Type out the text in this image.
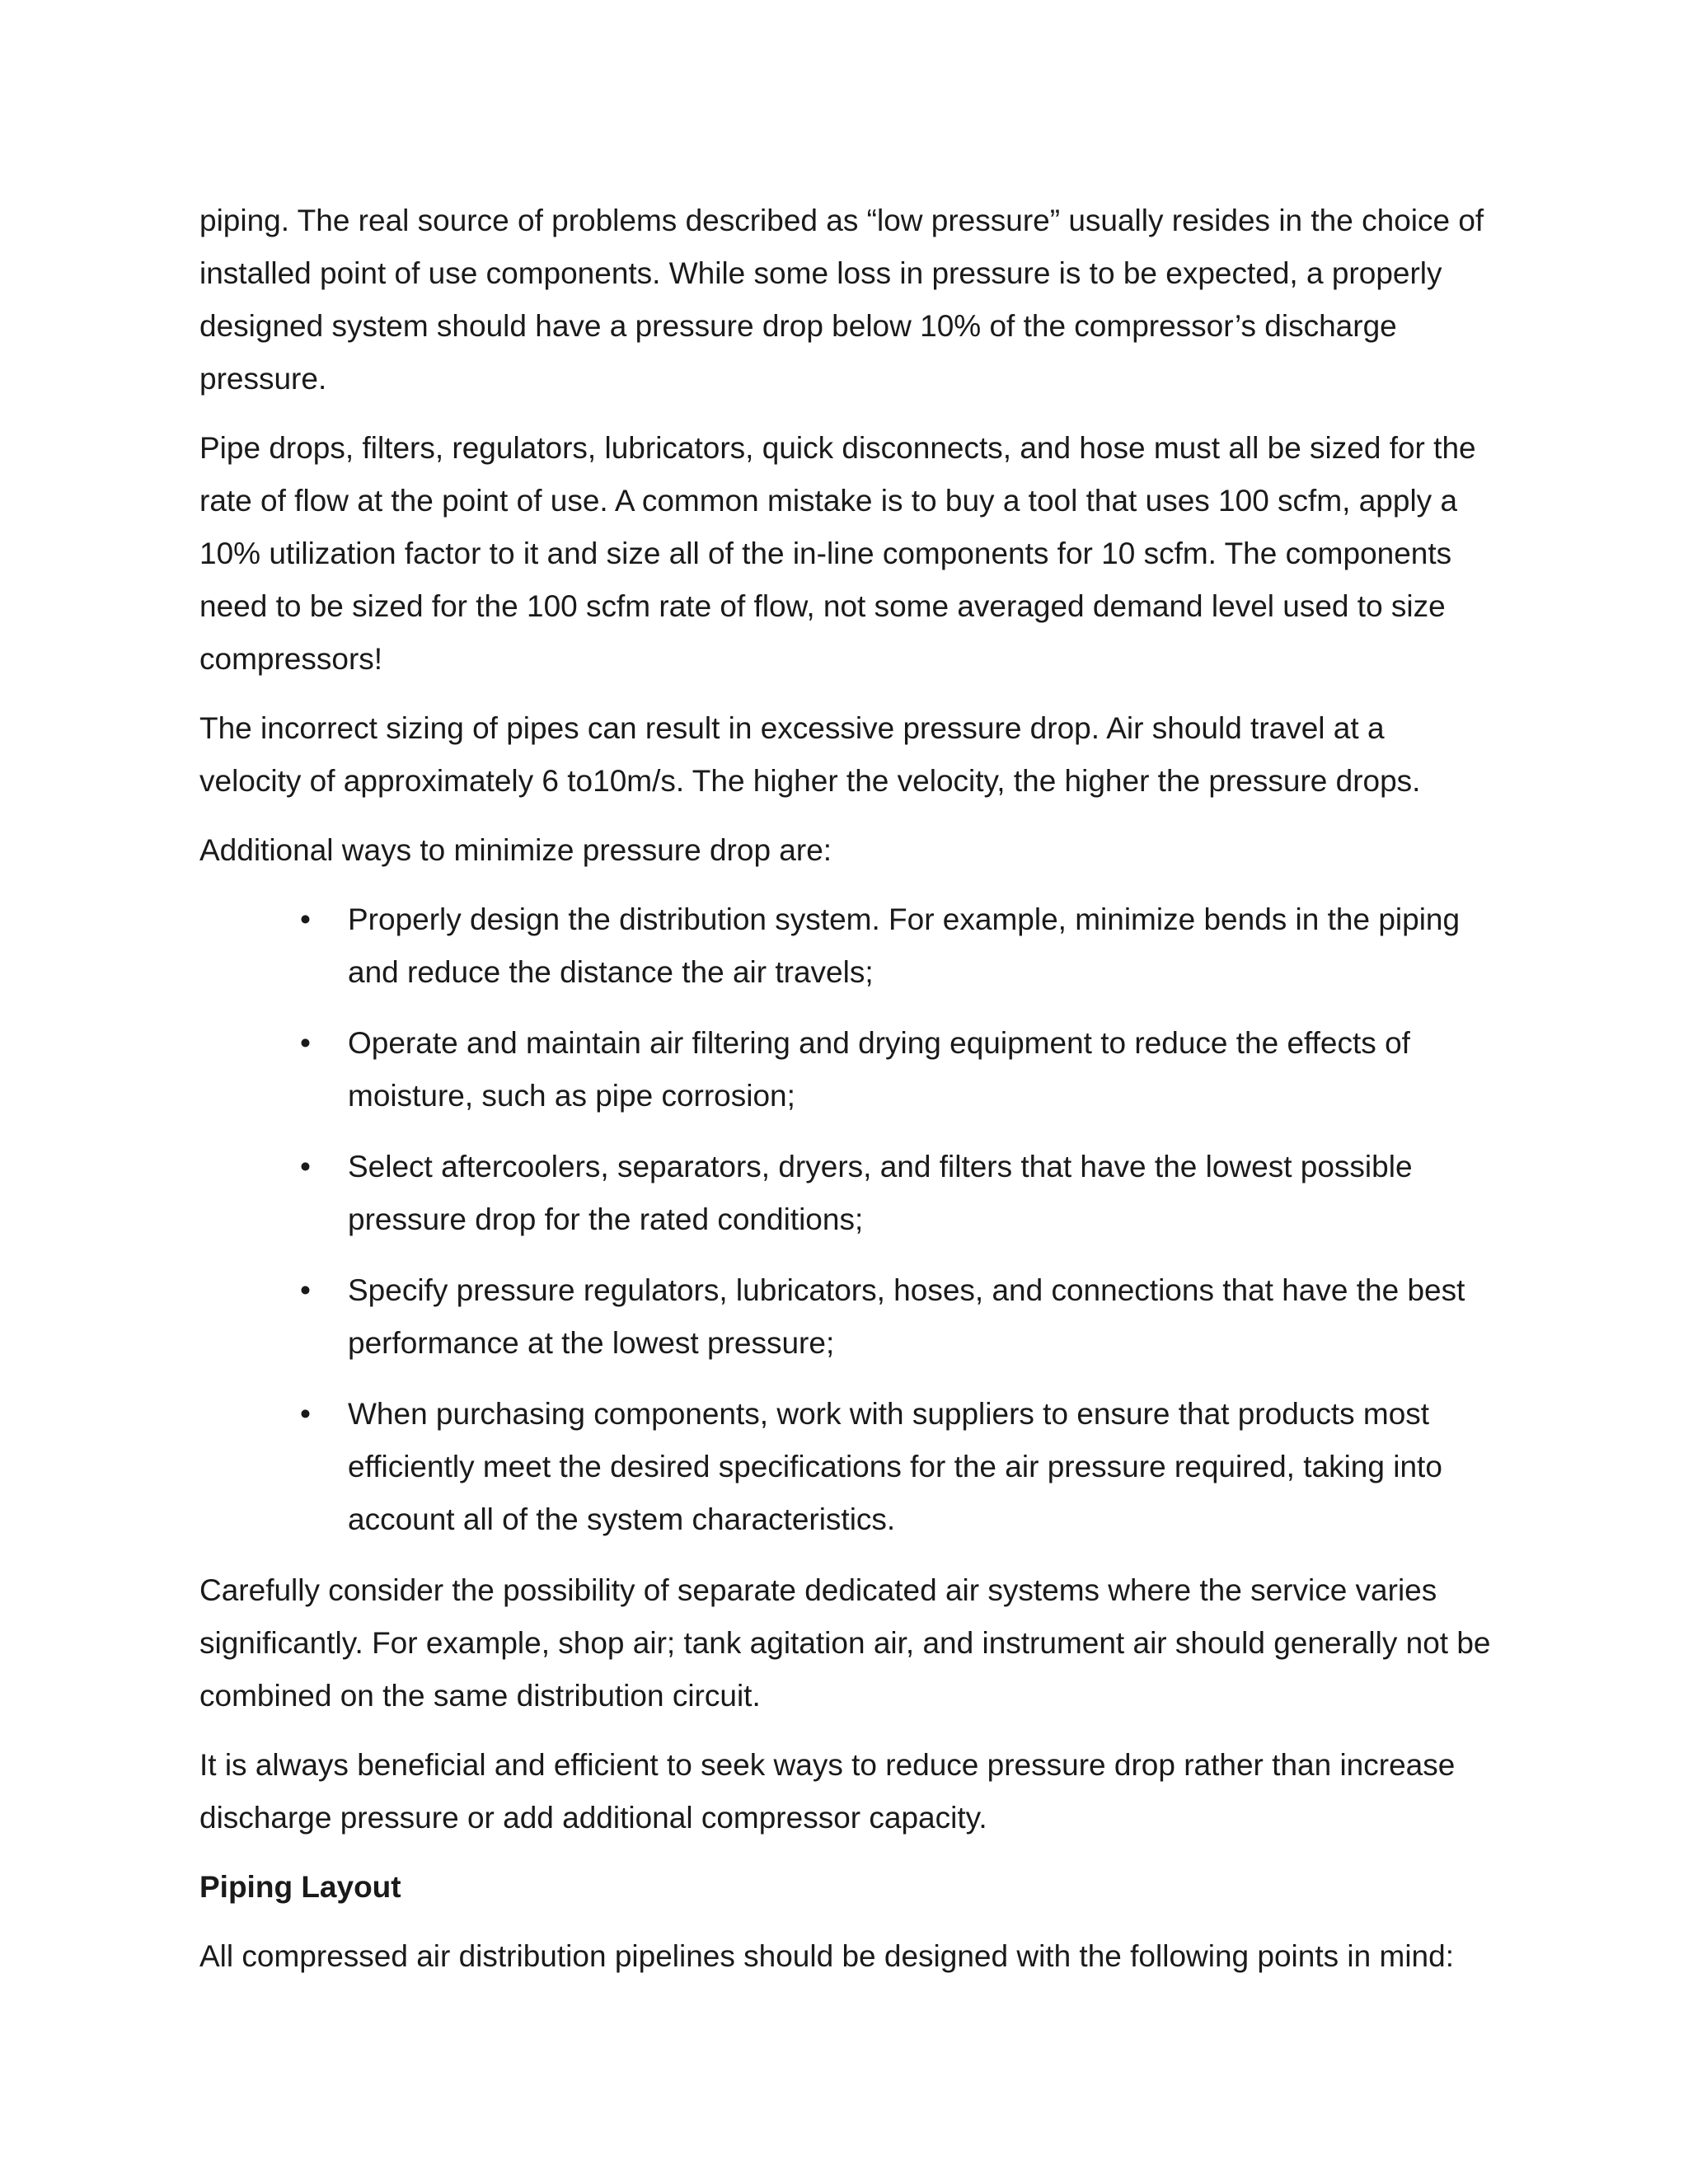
piping. The real source of problems described as “low pressure” usually resides in the choice of installed point of use components. While some loss in pressure is to be expected, a properly designed system should have a pressure drop below 10% of the compressor’s discharge pressure.

Pipe drops, filters, regulators, lubricators, quick disconnects, and hose must all be sized for the rate of flow at the point of use. A common mistake is to buy a tool that uses 100 scfm, apply a 10% utilization factor to it and size all of the in-line components for 10 scfm. The components need to be sized for the 100 scfm rate of flow, not some averaged demand level used to size compressors!

The incorrect sizing of pipes can result in excessive pressure drop. Air should travel at a velocity of approximately 6 to10m/s. The higher the velocity, the higher the pressure drops.

Additional ways to minimize pressure drop are:

• Properly design the distribution system. For example, minimize bends in the piping and reduce the distance the air travels;
• Operate and maintain air filtering and drying equipment to reduce the effects of moisture, such as pipe corrosion;
• Select aftercoolers, separators, dryers, and filters that have the lowest possible pressure drop for the rated conditions;
• Specify pressure regulators, lubricators, hoses, and connections that have the best performance at the lowest pressure;
• When purchasing components, work with suppliers to ensure that products most efficiently meet the desired specifications for the air pressure required, taking into account all of the system characteristics.

Carefully consider the possibility of separate dedicated air systems where the service varies significantly. For example, shop air; tank agitation air, and instrument air should generally not be combined on the same distribution circuit.

It is always beneficial and efficient to seek ways to reduce pressure drop rather than increase discharge pressure or add additional compressor capacity.

Piping Layout

All compressed air distribution pipelines should be designed with the following points in mind:
